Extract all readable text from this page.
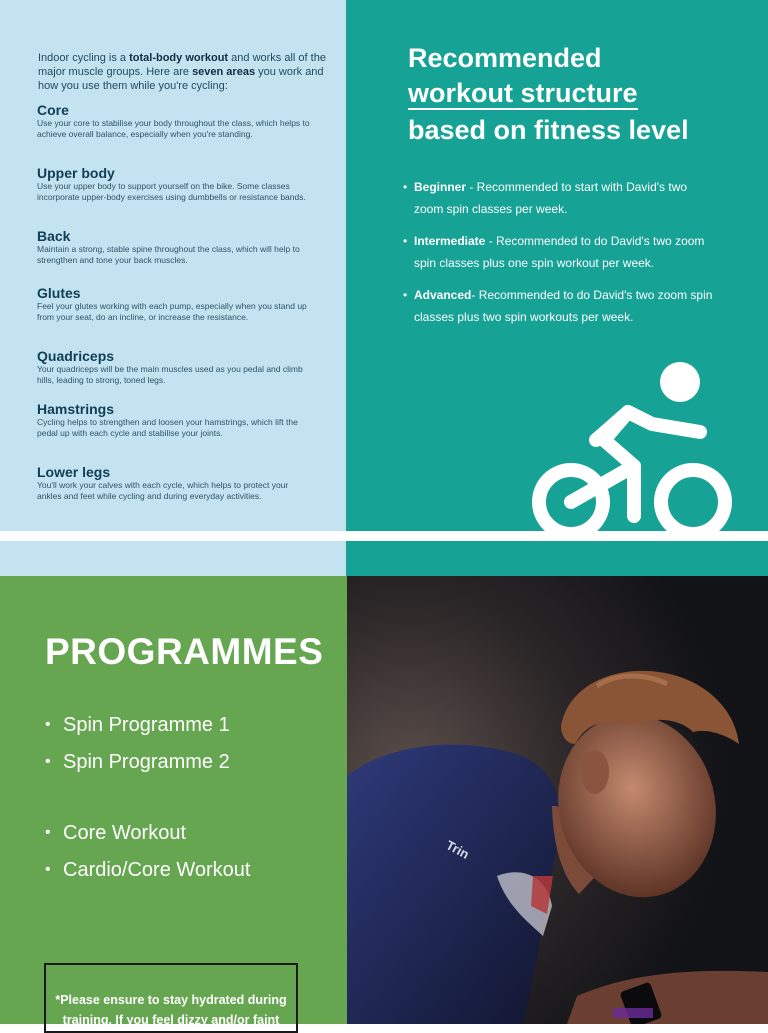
Indoor cycling is a total-body workout and works all of the major muscle groups. Here are seven areas you work and how you use them while you're cycling:

Core

Use your core to stabilise your body throughout the class, which helps to achieve overall balance, especially when you're standing.

Upper body

Use your upper body to support yourself on the bike. Some classes incorporate upper-body exercises using dumbbells or resistance bands.

Back

Maintain a strong, stable spine throughout the class, which will help to strengthen and tone your back muscles.

Glutes

Feel your glutes working with each pump, especially when you stand up from your seat, do an incline, or increase the resistance.

Quadriceps

Your quadriceps will be the main muscles used as you pedal and climb hills, leading to strong, toned legs.

Hamstrings

Cycling helps to strengthen and loosen your hamstrings, which lift the pedal up with each cycle and stabilise your joints.

Lower legs

You'll work your calves with each cycle, which helps to protect your ankles and feet while cycling and during everyday activities.

Recommended
workout structure
based on fitness level
• Beginner - Recommended to start with David's two zoom spin classes per week.
• Intermediate - Recommended to do David's two zoom spin classes plus one spin workout per week.
• Advanced- Recommended to do David's two zoom spin classes plus two spin workouts per week.
PROGRAMMES
• Spin Programme 1
• Spin Programme 2
• Core Workout
• Cardio/Core Workout
*Please ensure to stay hydrated during training. If you feel dizzy and/or faint
Trin
